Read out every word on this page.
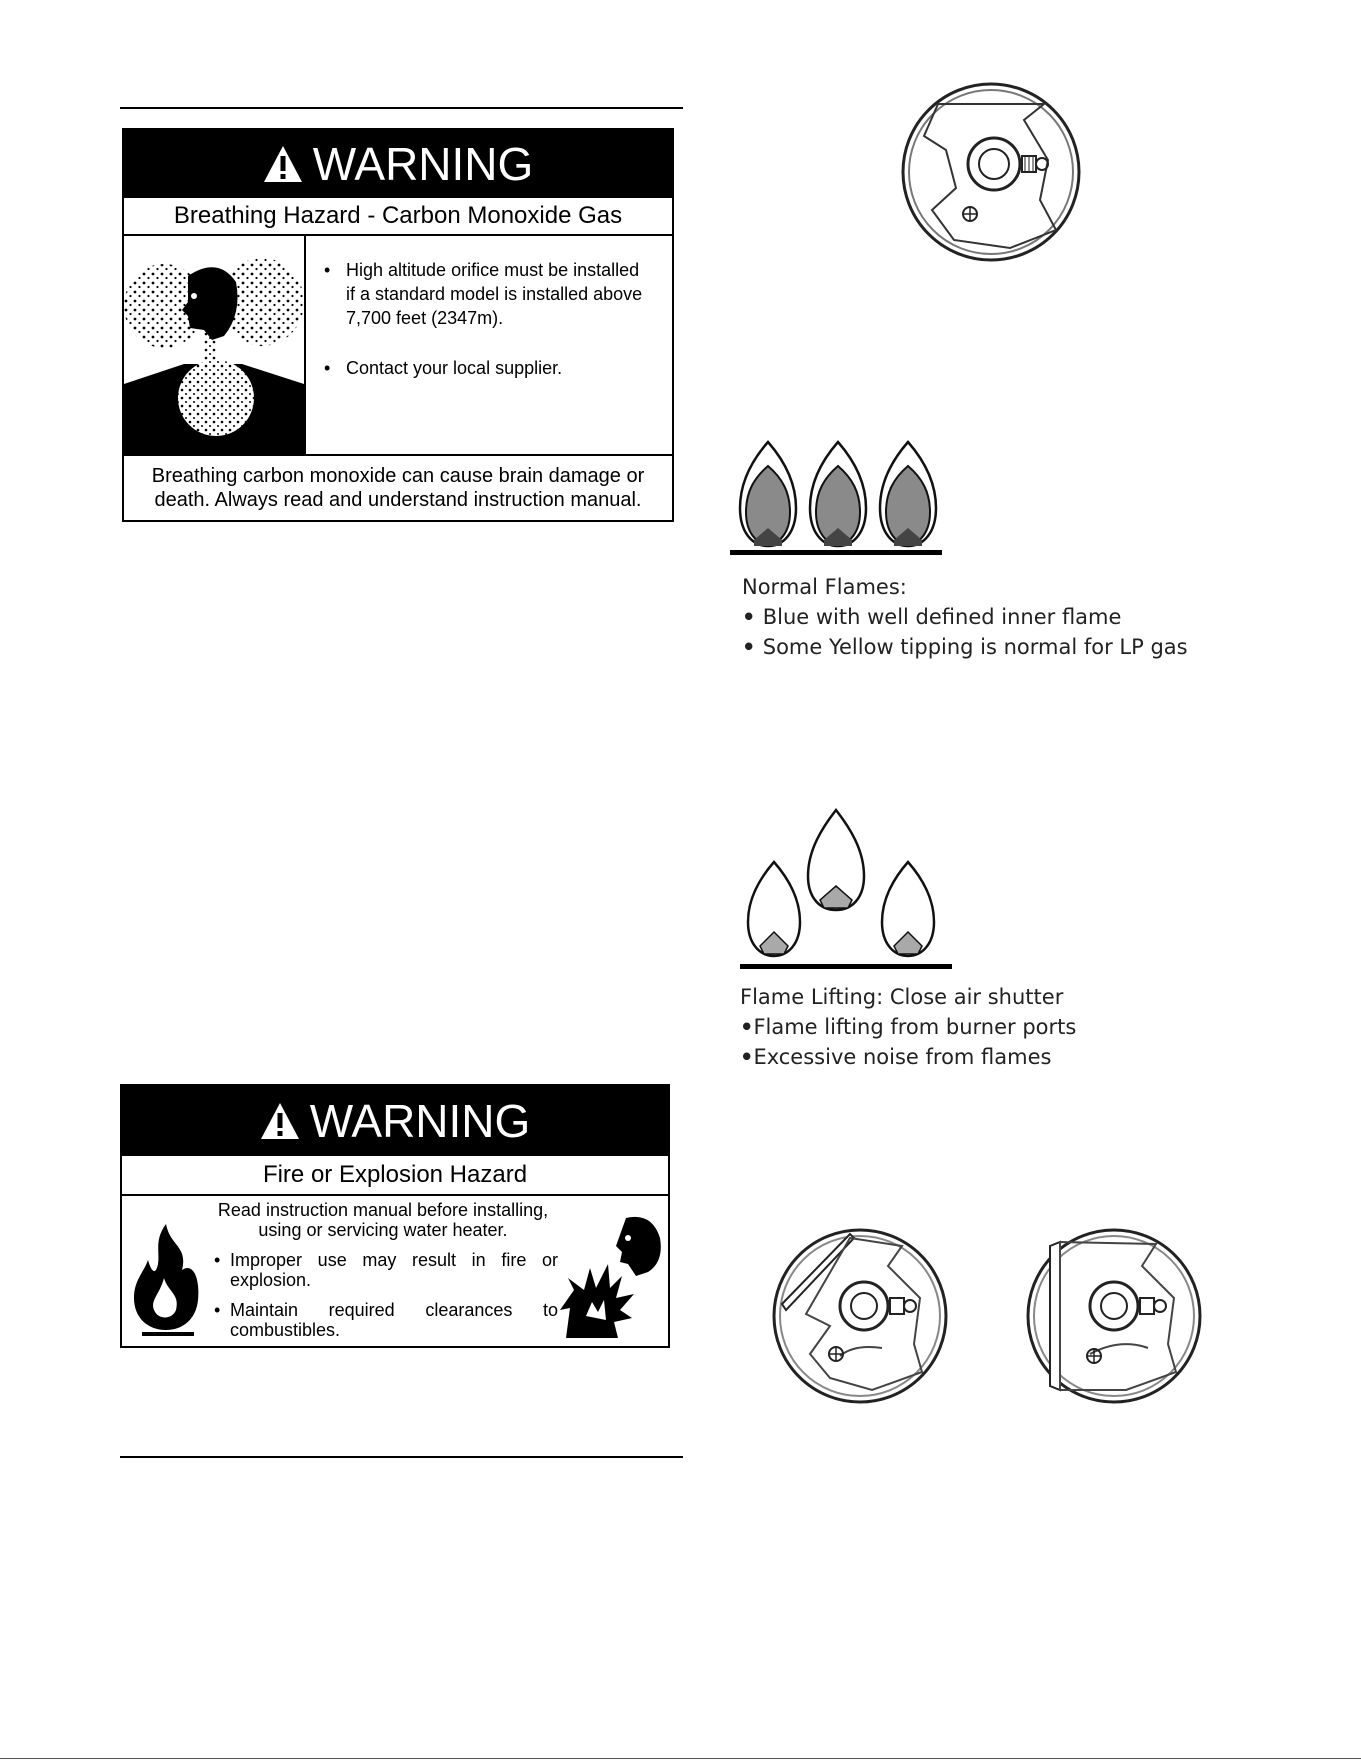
WARNING
Breathing Hazard - Carbon Monoxide Gas
• High altitude orifice must be installed if a standard model is installed above 7,700 feet (2347m).
• Contact your local supplier.
Breathing carbon monoxide can cause brain damage or death. Always read and understand instruction manual.
WARNING
Fire or Explosion Hazard
Read instruction manual before installing, using or servicing water heater.
• Improper use may result in fire or explosion.
• Maintain required clearances to combustibles.
Normal Flames:
• Blue with well defined inner flame
• Some Yellow tipping is normal for LP gas
Flame Lifting: Close air shutter
•Flame lifting from burner ports
•Excessive noise from flames
